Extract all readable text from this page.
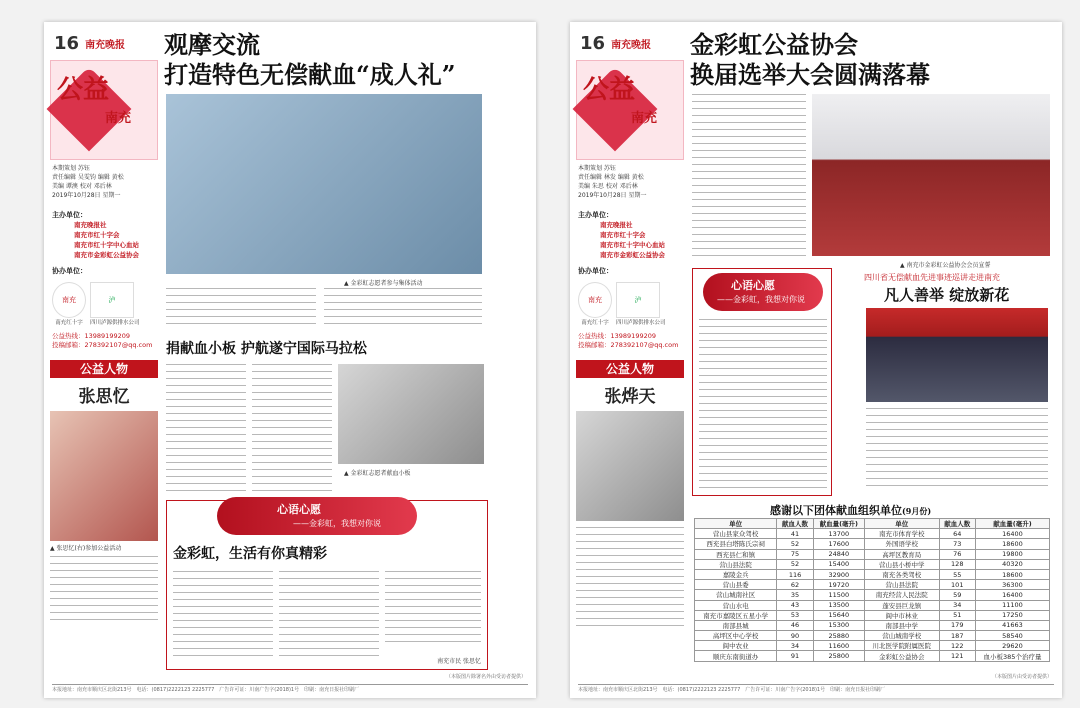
16 南充晚报 观摩交流
打造特色无偿献血“成人礼”
公益
南充
本期策划 苏钰
责任编辑 吴雯钧 编辑 黄松
美编 谭澳 校对 邓后林
2019年10月28日 星期一
主办单位：
南充晚报社
南充市红十字会
南充市红十字中心血站
南充市金彩虹公益协会
协办单位：
南充
南充红十字
泸
四川泸源供排水公司
公益热线：13989199209
投稿邮箱：278392107@qq.com
公益人物
张思忆
▲ 张思忆(右)参加公益活动
▲ 金彩虹志愿者参与集体活动
捐献血小板 护航遂宁国际马拉松
▲ 金彩虹志愿者献血小板
心语心愿
——金彩虹，我想对你说
金彩虹，生活有你真精彩
南充市民 张思忆
（本版图片除署名外由受访者提供）
本报地址：南充市顺庆区北街213号　电话：(0817)2222123 2225777　广告许可证：川南广告字(2018)1号　印刷：南充日报社印刷厂
16 南充晚报 金彩虹公益协会
换届选举大会圆满落幕
公益
南充
本期策划 苏钰
责任编辑 林发 编辑 黄松
美编 朱思 校对 邓后林
2019年10月28日 星期一
主办单位：
南充晚报社
南充市红十字会
南充市红十字中心血站
南充市金彩虹公益协会
协办单位：
南充
南充红十字
泸
四川泸源供排水公司
公益热线：13989199209
投稿邮箱：278392107@qq.com
公益人物
张烨天
▲ 南充市金彩虹公益协会会员宣誓
心语心愿
——金彩虹，我想对你说
四川省无偿献血先进事迹巡讲走进南充
凡人善举 绽放新花
感谢以下团体献血组织单位(9月份)
单位	献血人数	献血量(毫升)	单位	献血人数	献血量(毫升)
营山县家众驾校	41	13700	南充市体育学校	64	16400
西充县白塔陈氏宗祠	52	17600	外国语学校	73	18600
西充县仁和镇	75	24840	高坪区教育局	76	19800
营山县法院	52	15400	营山县小桥中学	128	40320
嘉陵金兵	116	32900	南充各类驾校	55	18600
营山县委	62	19720	营山县法院	101	36300
营山城南社区	35	11500	南充经营人民法院	59	16400
营山水电	43	13500	蓬安县巨龙镇	34	11100
南充市嘉陵区五星小学	53	15640	阆中市林业	51	17250
南部县城	46	15300	南部县中学	179	41663
高坪区中心学校	90	25880	营山城南学校	187	58540
阆中农业	34	11600	川北医学院附属医院	122	29620
顺庆东南街道办	91	25800	金彩虹公益协会	121	血小板385个治疗量
（本版图片由受访者提供）
本报地址：南充市顺庆区北街213号　电话：(0817)2222123 2225777　广告许可证：川南广告字(2018)1号　印刷：南充日报社印刷厂
